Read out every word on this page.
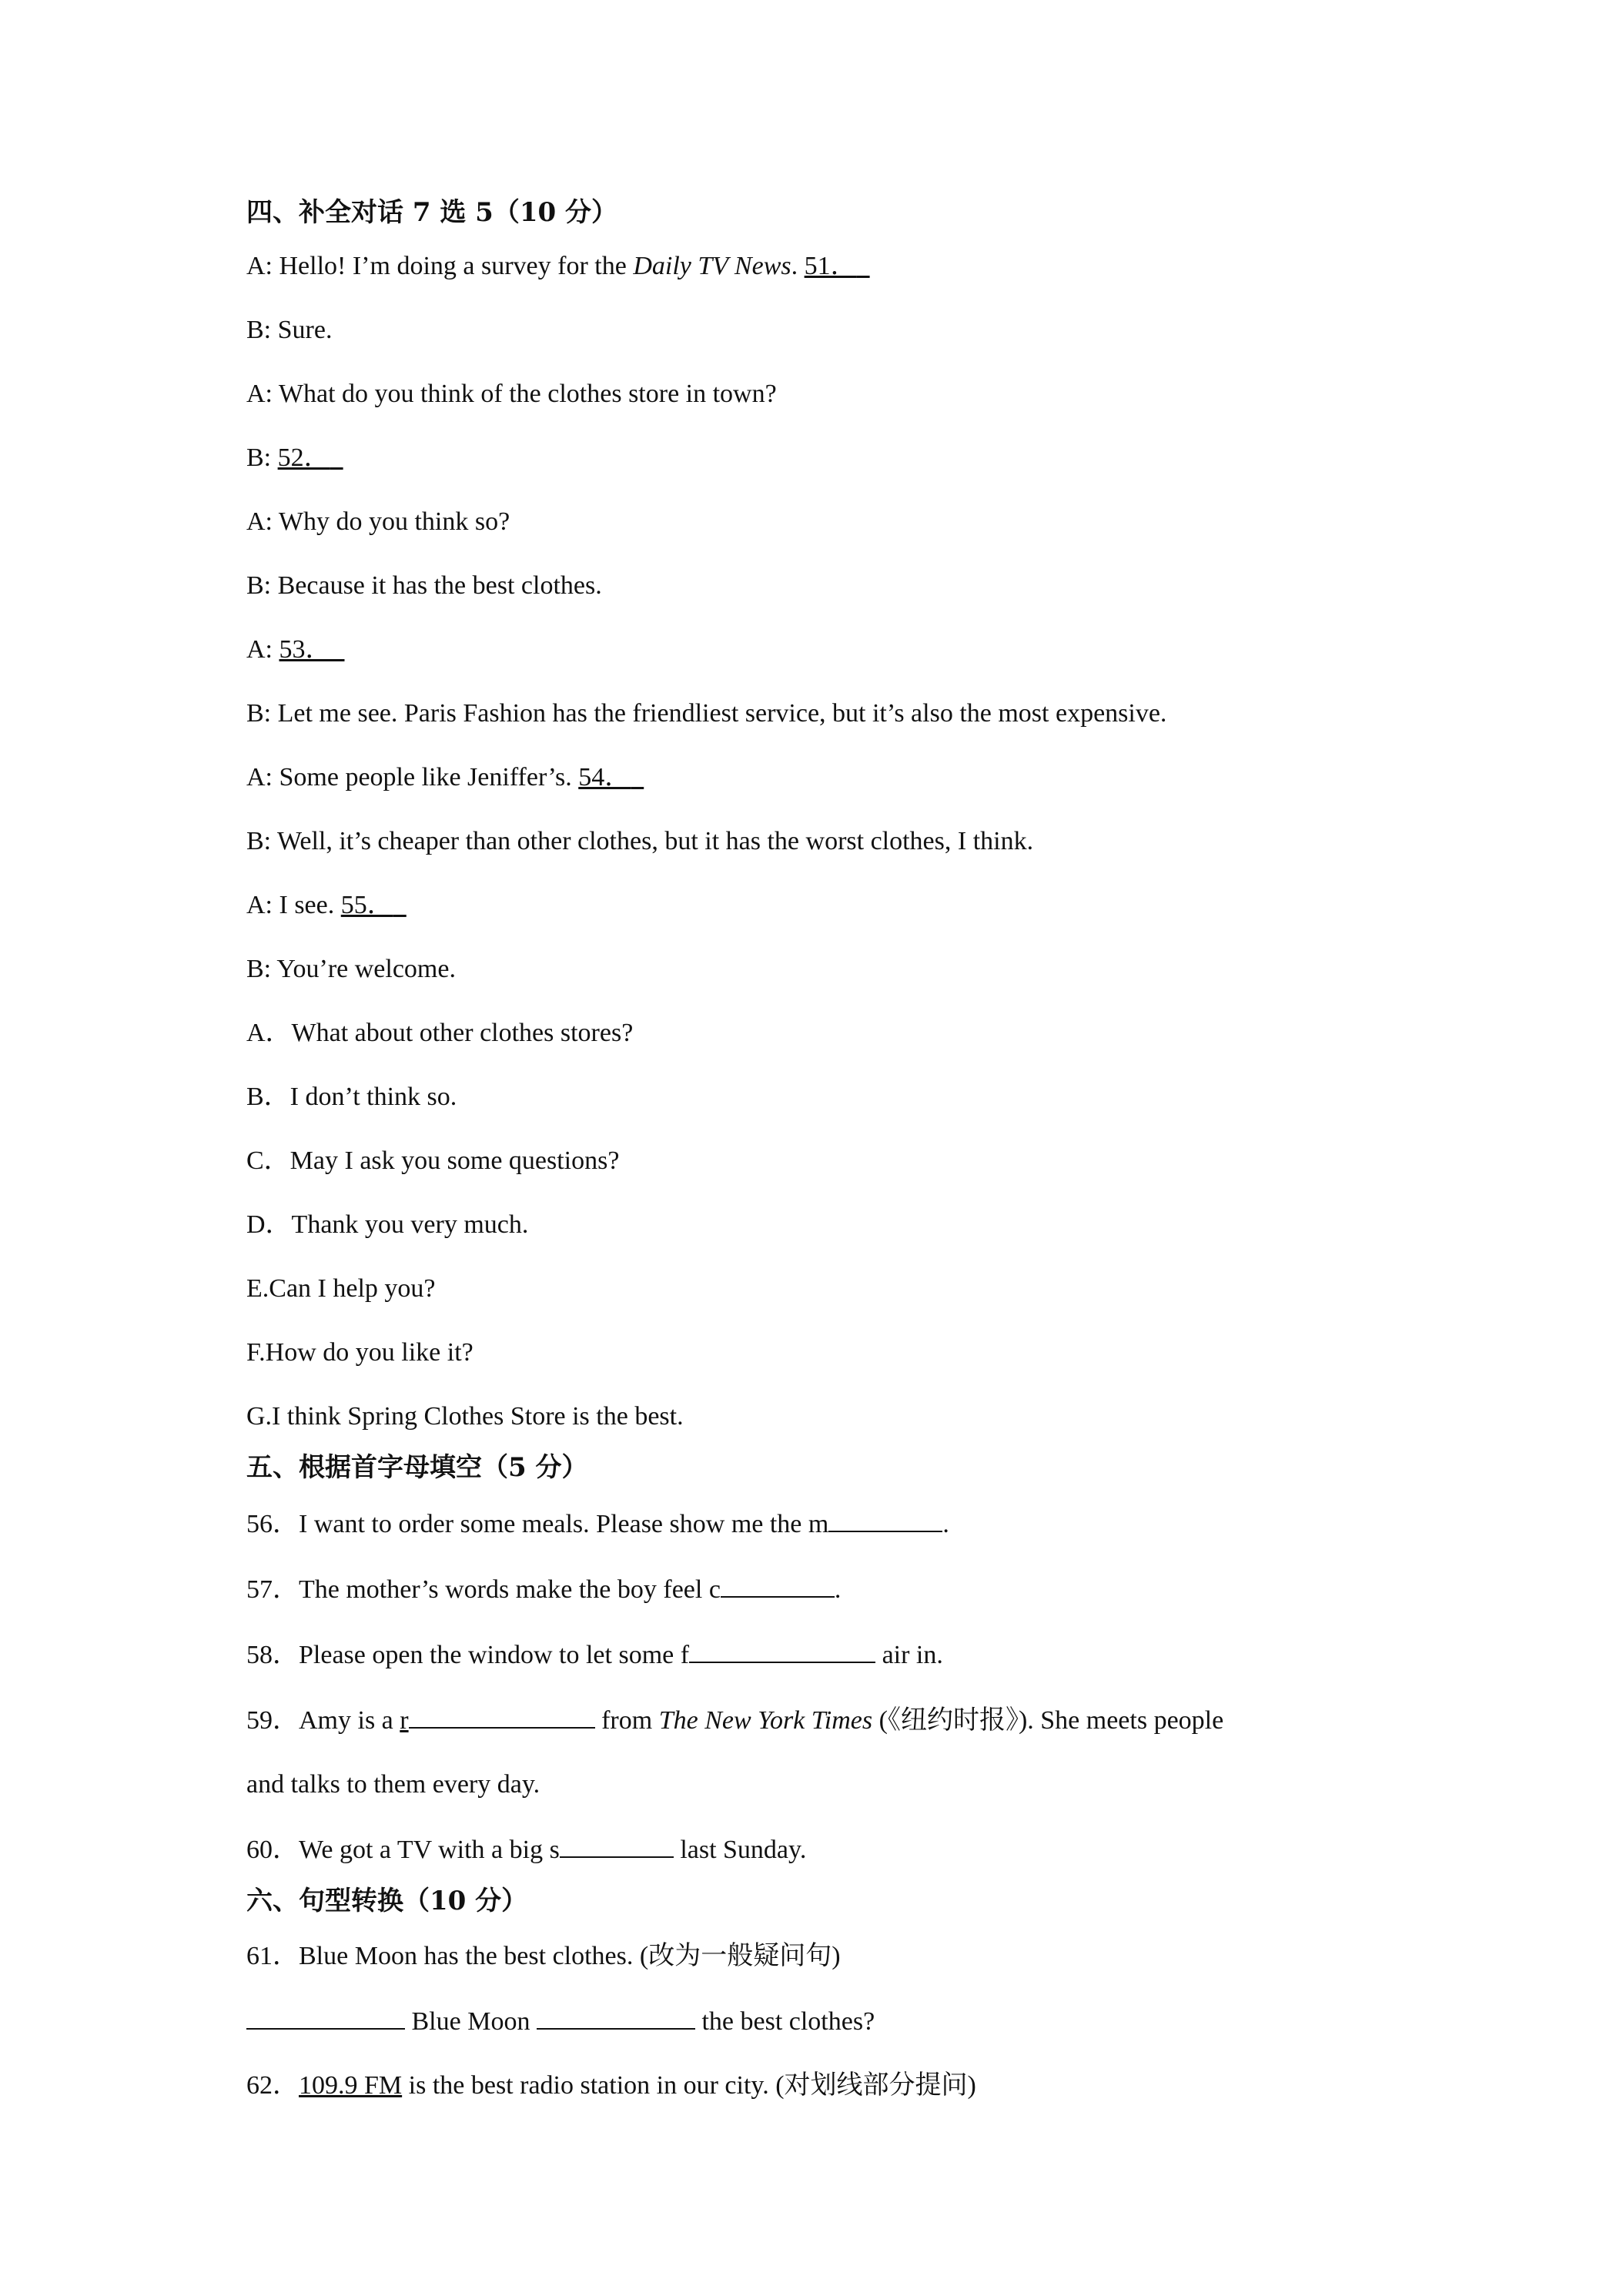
四、补全对话 7 选 5（10 分）
A: Hello! I’m doing a survey for the Daily TV News. 51．
B: Sure.
A: What do you think of the clothes store in town?
B: 52．
A: Why do you think so?
B: Because it has the best clothes.
A: 53．
B: Let me see. Paris Fashion has the friendliest service, but it’s also the most expensive.
A: Some people like Jeniffer’s. 54．
B: Well, it’s cheaper than other clothes, but it has the worst clothes, I think.
A: I see. 55．
B: You’re welcome.
A．What about other clothes stores?
B．I don’t think so.
C．May I ask you some questions?
D．Thank you very much.
E.Can I help you?
F.How do you like it?
G.I think Spring Clothes Store is the best.
五、根据首字母填空（5 分）
56．I want to order some meals. Please show me the m	.
57．The mother’s words make the boy feel c	.
58．Please open the window to let some f	air in.
59．Amy is a r	from The New York Times (《纽约时报》). She meets people
and talks to them every day.
60．We got a TV with a big s	last Sunday.
六、句型转换（10 分）
61．Blue Moon has the best clothes. (改为一般疑问句)
Blue Moon	the best clothes?
62．109.9 FM is the best radio station in our city. (对划线部分提问)
